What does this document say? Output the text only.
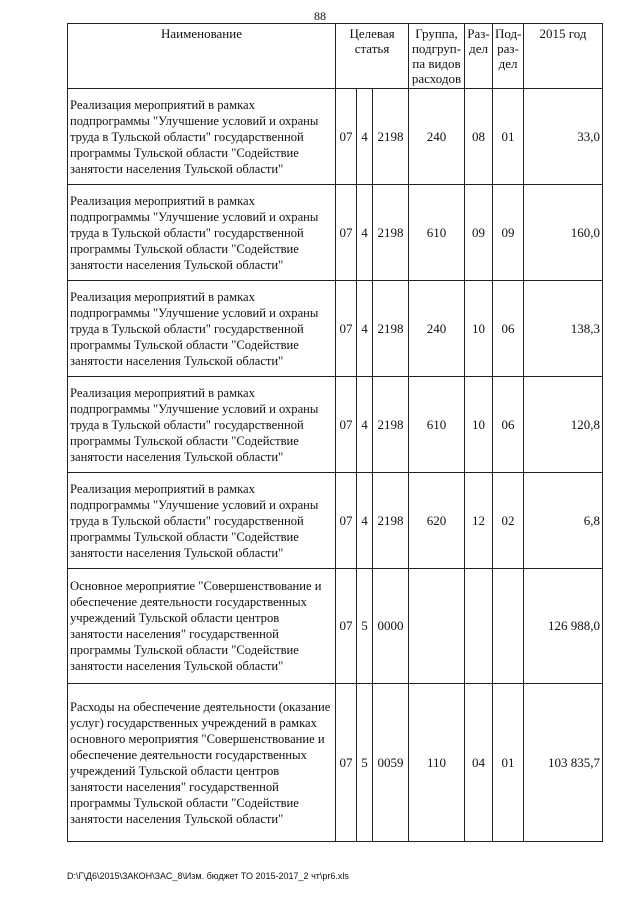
88
Наименование	Целевая статья			Группа, подгруп-па видов расходов	Раз-дел	Под-раз-дел	2015 год
Реализация мероприятий в рамках подпрограммы "Улучшение условий и охраны труда в Тульской области" государственной программы Тульской области "Содействие занятости населения Тульской области"	07	4	2198	240	08	01	33,0
Реализация мероприятий в рамках подпрограммы "Улучшение условий и охраны труда в Тульской области" государственной программы Тульской области "Содействие занятости населения Тульской области"	07	4	2198	610	09	09	160,0
Реализация мероприятий в рамках подпрограммы "Улучшение условий и охраны труда в Тульской области" государственной программы Тульской области "Содействие занятости населения Тульской области"	07	4	2198	240	10	06	138,3
Реализация мероприятий в рамках подпрограммы "Улучшение условий и охраны труда в Тульской области" государственной программы Тульской области "Содействие занятости населения Тульской области"	07	4	2198	610	10	06	120,8
Реализация мероприятий в рамках подпрограммы "Улучшение условий и охраны труда в Тульской области" государственной программы Тульской области "Содействие занятости населения Тульской области"	07	4	2198	620	12	02	6,8
Основное мероприятие "Совершенствование и обеспечение деятельности государственных учреждений Тульской области центров занятости населения" государственной программы Тульской области "Содействие занятости населения Тульской области"	07	5	0000				126 988,0
Расходы на обеспечение деятельности (оказание услуг) государственных учреждений в рамках основного мероприятия "Совершенствование и обеспечение деятельности государственных учреждений Тульской области центров занятости населения" государственной программы Тульской области "Содействие занятости населения Тульской области"	07	5	0059	110	04	01	103 835,7
D:\Г\Д6\2015\ЗАКОН\ЗАС_8\Изм. бюджет ТО 2015-2017_2 чт\pr6.xls
